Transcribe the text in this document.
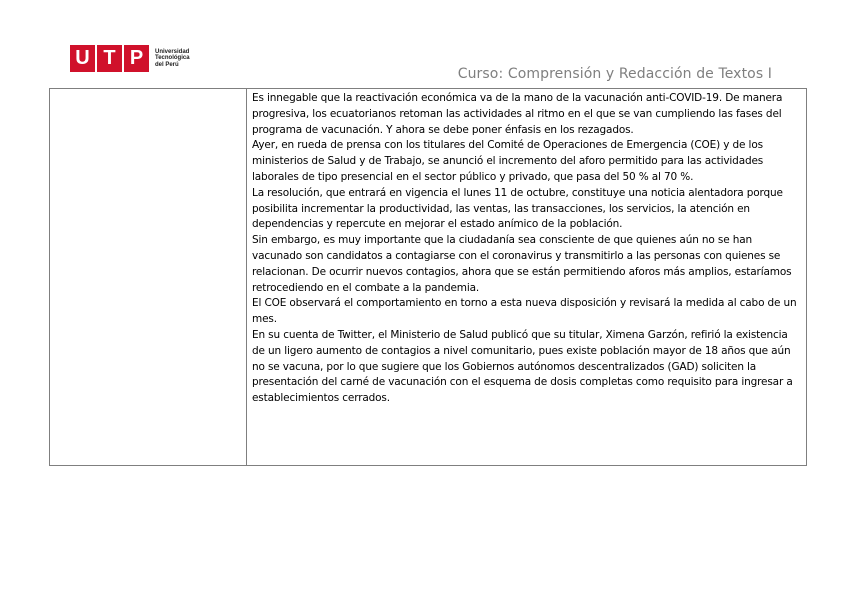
U T P	Universidad
Tecnológica
del Perú
Curso: Comprensión y Redacción de Textos I

Es innegable que la reactivación económica va de la mano de la vacunación anti-COVID-19. De manera progresiva, los ecuatorianos retoman las actividades al ritmo en el que se van cumpliendo las fases del programa de vacunación. Y ahora se debe poner énfasis en los rezagados.

Ayer, en rueda de prensa con los titulares del Comité de Operaciones de Emergencia (COE) y de los ministerios de Salud y de Trabajo, se anunció el incremento del aforo permitido para las actividades laborales de tipo presencial en el sector público y privado, que pasa del 50 % al 70 %.

La resolución, que entrará en vigencia el lunes 11 de octubre, constituye una noticia alentadora porque posibilita incrementar la productividad, las ventas, las transacciones, los servicios, la atención en dependencias y repercute en mejorar el estado anímico de la población.

Sin embargo, es muy importante que la ciudadanía sea consciente de que quienes aún no se han vacunado son candidatos a contagiarse con el coronavirus y transmitirlo a las personas con quienes se relacionan. De ocurrir nuevos contagios, ahora que se están permitiendo aforos más amplios, estaríamos retrocediendo en el combate a la pandemia.

El COE observará el comportamiento en torno a esta nueva disposición y revisará la medida al cabo de un mes.

En su cuenta de Twitter, el Ministerio de Salud publicó que su titular, Ximena Garzón, refirió la existencia de un ligero aumento de contagios a nivel comunitario, pues existe población mayor de 18 años que aún no se vacuna, por lo que sugiere que los Gobiernos autónomos descentralizados (GAD) soliciten la presentación del carné de vacunación con el esquema de dosis completas como requisito para ingresar a establecimientos cerrados.
